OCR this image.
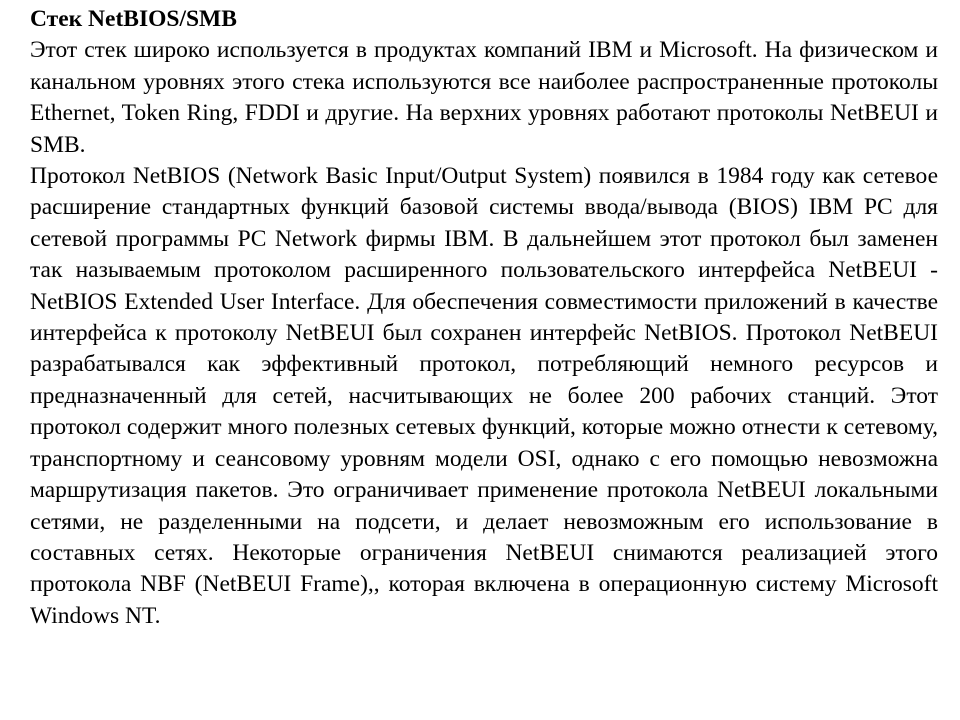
Стек NetBIOS/SMB

Этот стек широко используется в продуктах компаний IBM и Microsoft. На физическом и канальном уровнях этого стека используются все наиболее распространенные протоколы Ethernet, Token Ring, FDDI и другие. На верхних уровнях работают протоколы NetBEUI и SMB.

Протокол NetBIOS (Network Basic Input/Output System) появился в 1984 году как сетевое расширение стандартных функций базовой системы ввода/вывода (BIOS) IBM PC для сетевой программы PC Network фирмы IBM. В дальнейшем этот протокол был заменен так называемым протоколом расширенного пользовательского интерфейса NetBEUI - NetBIOS Extended User Interface. Для обеспечения совместимости приложений в качестве интерфейса к протоколу NetBEUI был сохранен интерфейс NetBIOS. Протокол NetBEUI разрабатывался как эффективный протокол, потребляющий немного ресурсов и предназначенный для сетей, насчитывающих не более 200 рабочих станций. Этот протокол содержит много полезных сетевых функций, которые можно отнести к сетевому, транспортному и сеансовому уровням модели OSI, однако с его помощью невозможна маршрутизация пакетов. Это ограничивает применение протокола NetBEUI локальными сетями, не разделенными на подсети, и делает невозможным его использование в составных сетях. Некоторые ограничения NetBEUI снимаются реализацией этого протокола NBF (NetBEUI Frame),, которая включена в операционную систему Microsoft Windows NT.
